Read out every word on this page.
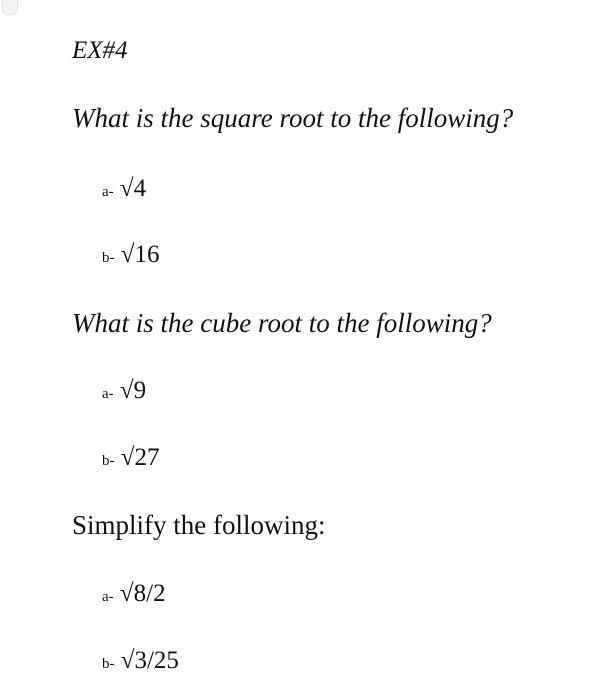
EX#4
What is the square root to the following?
a- √4
b- √16
What is the cube root to the following?
a- √9
b- √27
Simplify the following:
a- √8/2
b- √3/25
